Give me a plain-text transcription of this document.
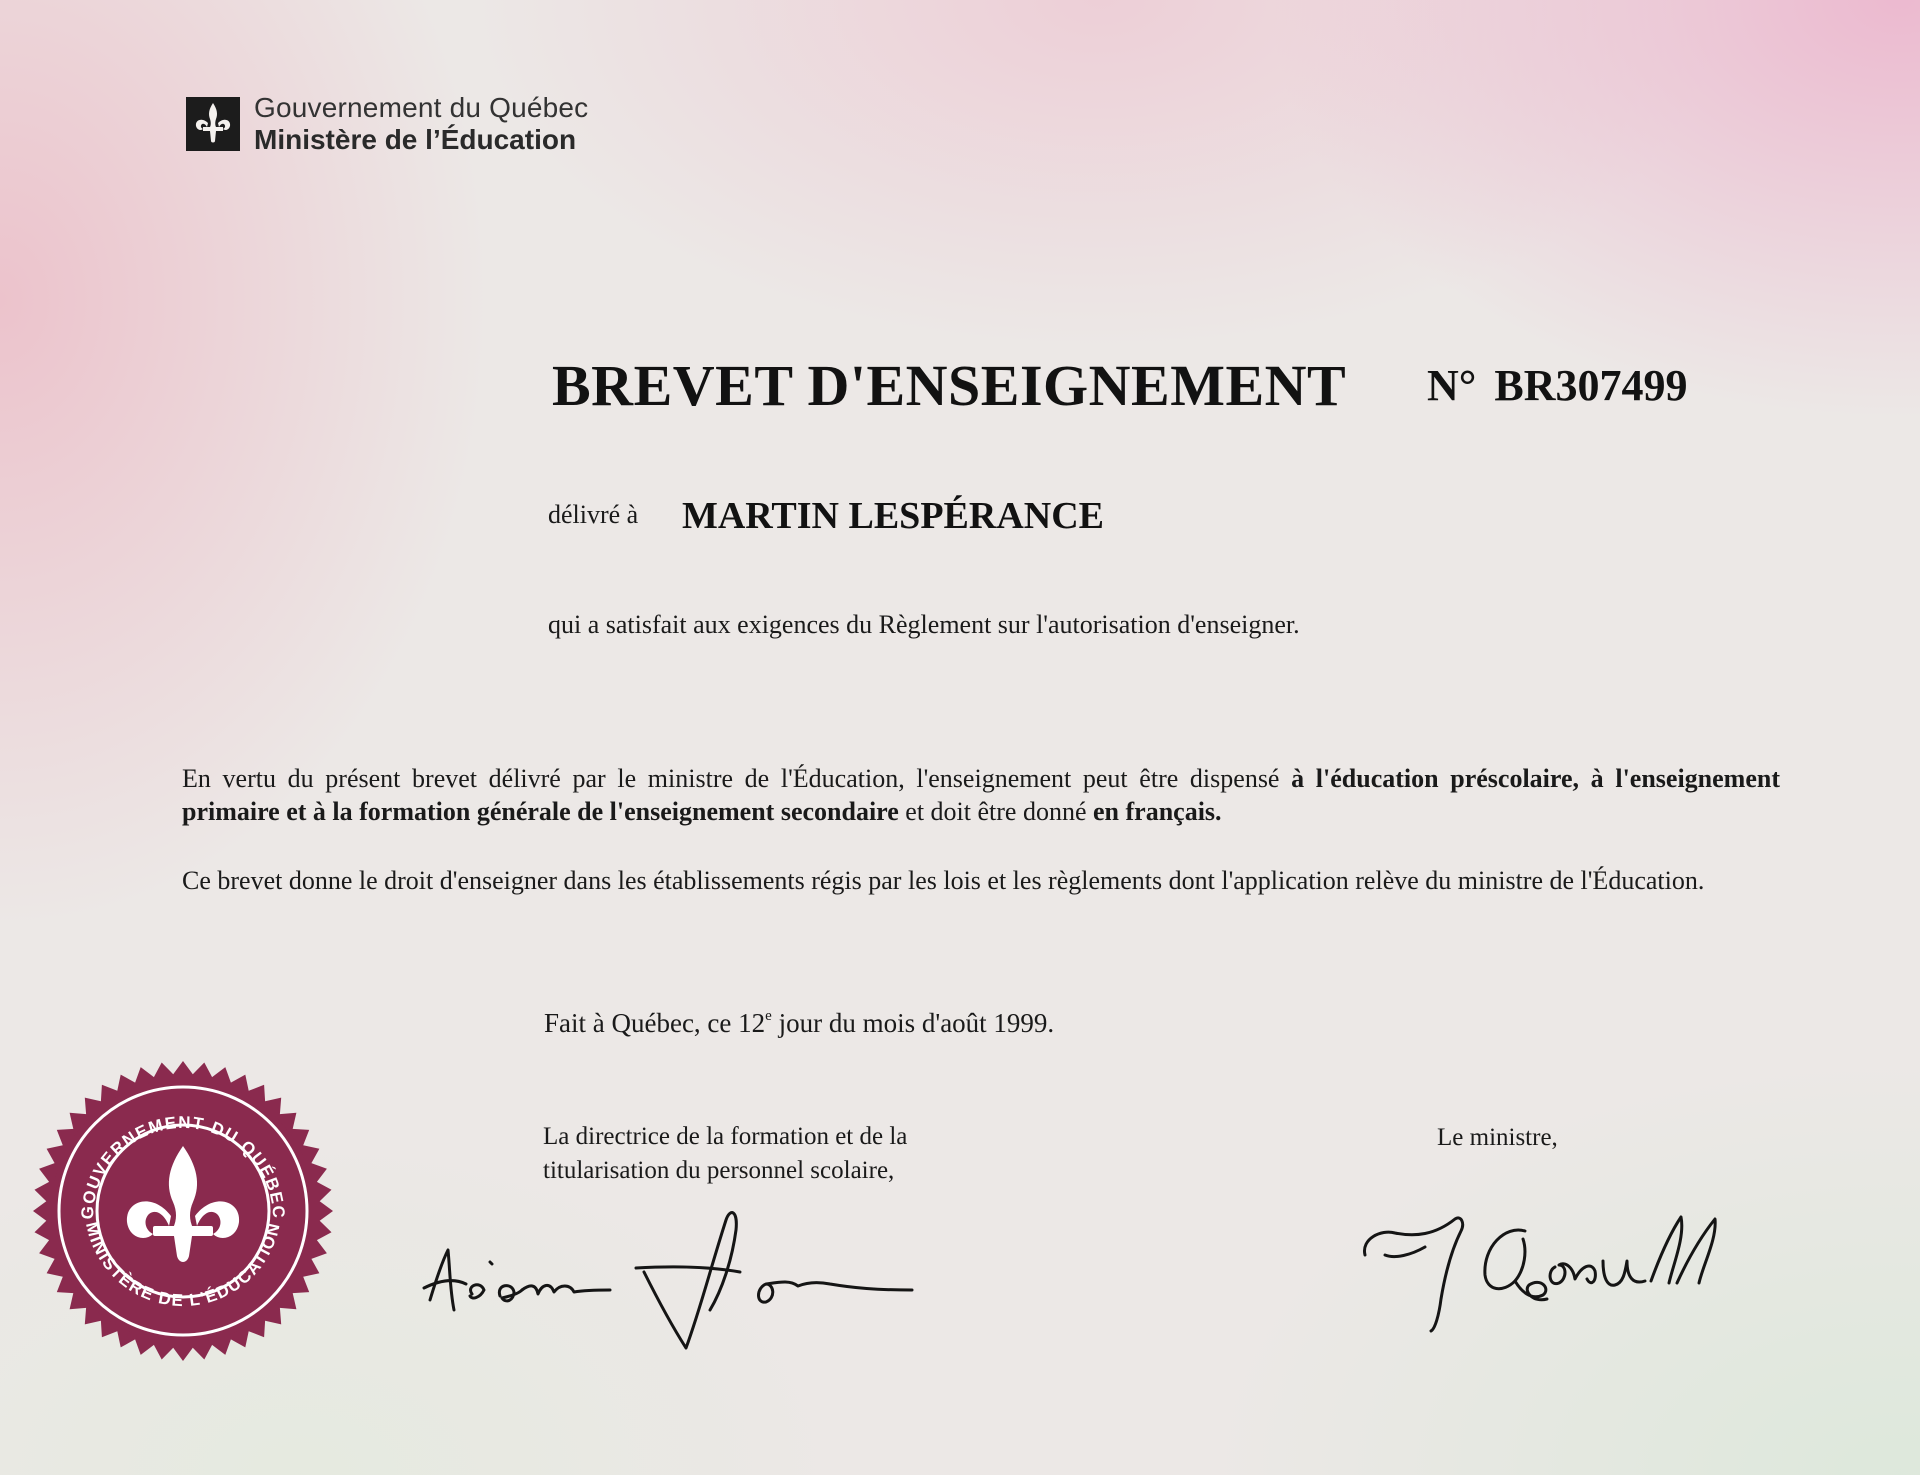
Gouvernement du Québec
Ministère de l’Éducation
BREVET D'ENSEIGNEMENT N° BR307499
délivré à MARTIN LESPÉRANCE
qui a satisfait aux exigences du Règlement sur l'autorisation d'enseigner.
En vertu du présent brevet délivré par le ministre de l'Éducation, l'enseignement peut être dispensé à l'éducation préscolaire, à l'enseignement primaire et à la formation générale de l'enseignement secondaire et doit être donné en français.
Ce brevet donne le droit d'enseigner dans les établissements régis par les lois et les règlements dont l'application relève du ministre de l'Éducation.
Fait à Québec, ce 12e jour du mois d'août 1999.
La directrice de la formation et de la
titularisation du personnel scolaire,
Le ministre,
GOUVERNEMENT DU QUÉBEC
MINISTÈRE DE L'ÉDUCATION
